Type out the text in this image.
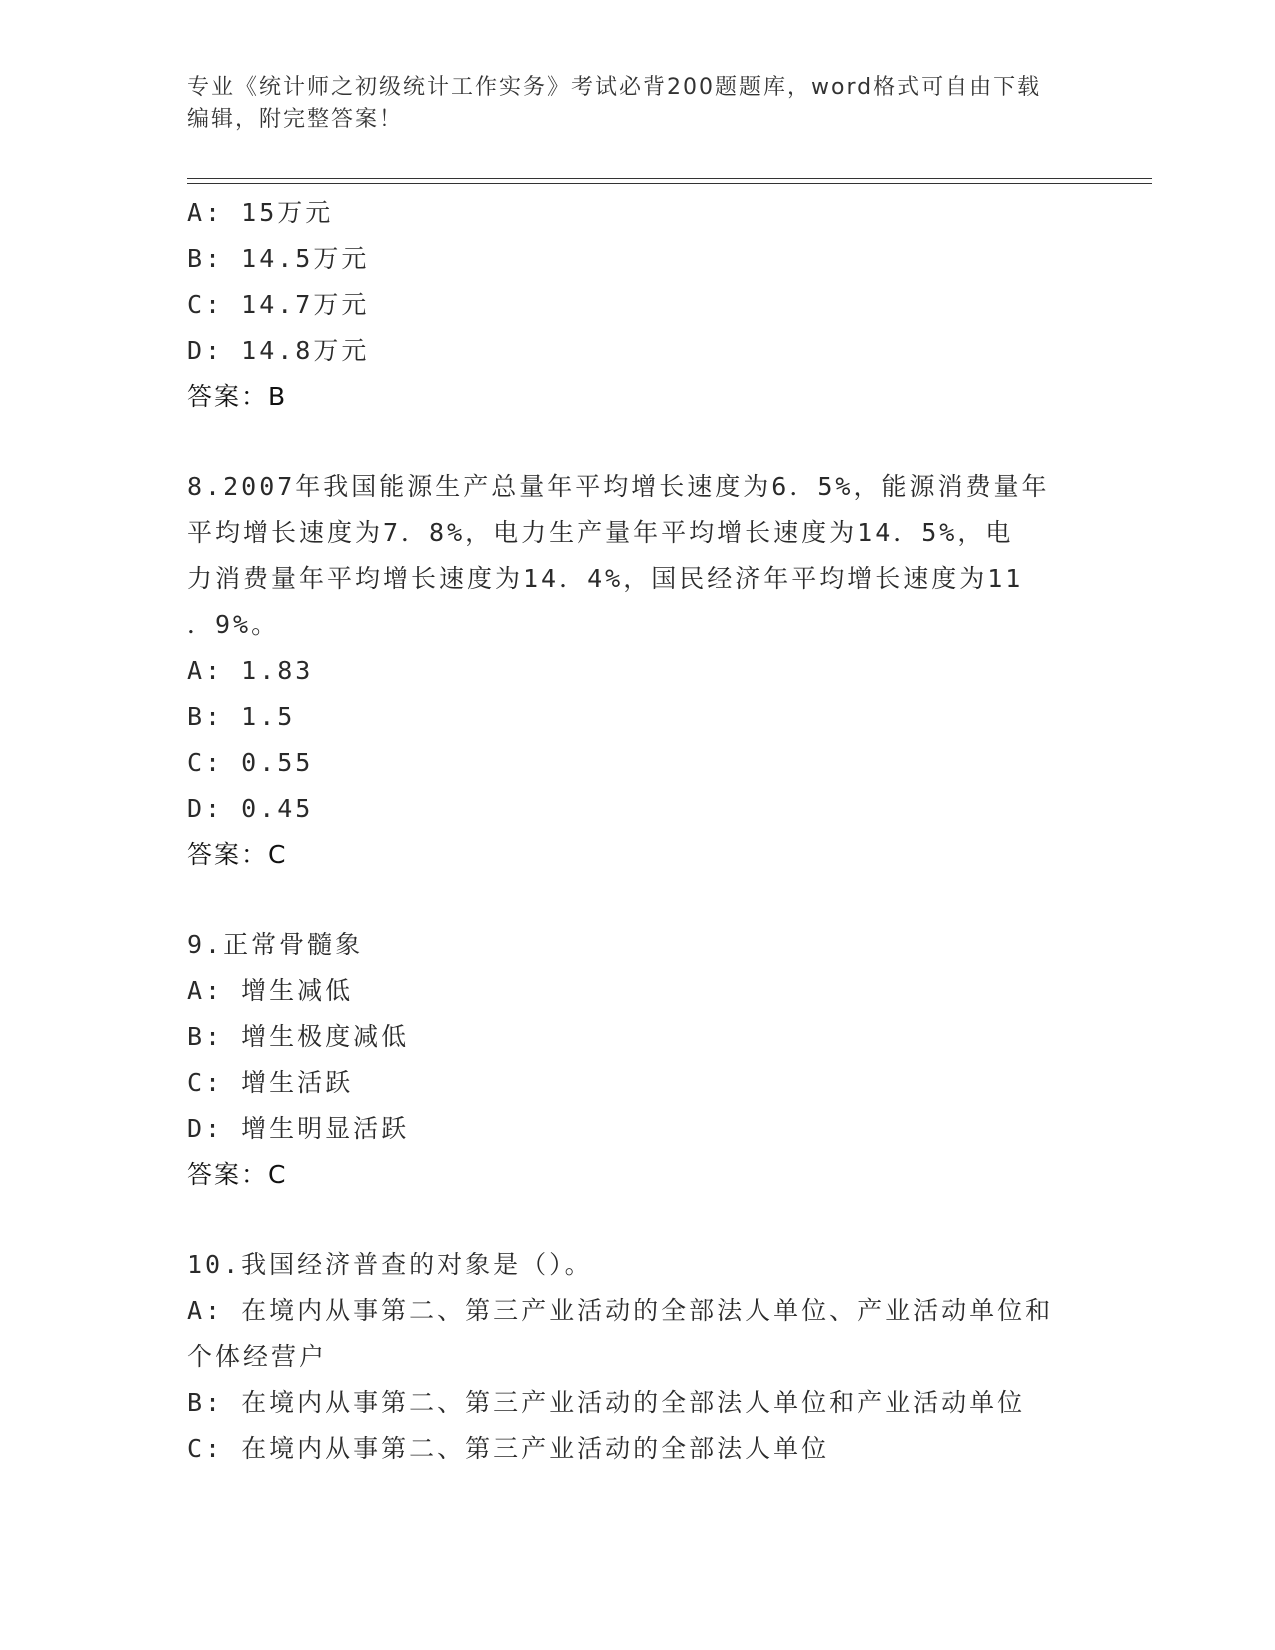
专业《统计师之初级统计工作实务》考试必背200题题库，word格式可自由下载
编辑，附完整答案！
A: 15万元
B: 14.5万元
C: 14.7万元
D: 14.8万元
答案：B
8.2007年我国能源生产总量年平均增长速度为6．5%，能源消费量年
平均增长速度为7．8%，电力生产量年平均增长速度为14．5%，电
力消费量年平均增长速度为14．4%，国民经济年平均增长速度为11
．9%。
A: 1.83
B: 1.5
C: 0.55
D: 0.45
答案：C
9.正常骨髓象
A: 增生减低
B: 增生极度减低
C: 增生活跃
D: 增生明显活跃
答案：C
10.我国经济普查的对象是（）。
A: 在境内从事第二、第三产业活动的全部法人单位、产业活动单位和
个体经营户
B: 在境内从事第二、第三产业活动的全部法人单位和产业活动单位
C: 在境内从事第二、第三产业活动的全部法人单位
